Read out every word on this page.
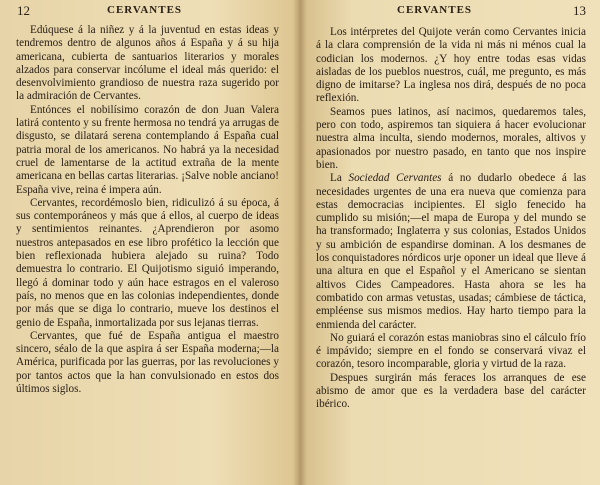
12	CERVANTES

Edúquese á la niñez y á la juventud en estas ideas y tendremos dentro de algunos años á España y á su hija americana, cubierta de santuarios literarios y morales alzados para conservar incólume el ideal más querido: el desenvolvimiento grandioso de nuestra raza sugerido por la admiración de Cervantes.

Entónces el nobilísimo corazón de don Juan Valera latirá contento y su frente hermosa no tendrá ya arrugas de disgusto, se dilatará serena contemplando á España cual patria moral de los americanos. No habrá ya la necesidad cruel de lamentarse de la actitud extraña de la mente americana en bellas cartas literarias. ¡Salve noble anciano! España vive, reina é impera aún.

Cervantes, recordémoslo bien, ridiculizó á su época, á sus contemporáneos y más que á ellos, al cuerpo de ideas y sentimientos reinantes. ¿Aprendieron por asomo nuestros antepasados en ese libro profético la lección que bien reflexionada hubiera alejado su ruina? Todo demuestra lo contrario. El Quijotismo siguió imperando, llegó á dominar todo y aún hace estragos en el valeroso país, no menos que en las colonias independientes, donde por más que se diga lo contrario, mueve los destinos el genio de España, inmortalizada por sus lejanas tierras.

Cervantes, que fué de España antigua el maestro sincero, séalo de la que aspira á ser España moderna;—la América, purificada por las guerras, por las revoluciones y por tantos actos que la han convulsionado en estos dos últimos siglos.

CERVANTES	13

Los intérpretes del Quijote verán como Cervantes inicia á la clara comprensión de la vida ni más ni ménos cual la codician los modernos. ¿Y hoy entre todas esas vidas aisladas de los pueblos nuestros, cuál, me pregunto, es más digno de imitarse? La inglesa nos dirá, después de no poca reflexión.

Seamos pues latinos, así nacimos, quedaremos tales, pero con todo, aspiremos tan siquiera á hacer evolucionar nuestra alma inculta, siendo modernos, morales, altivos y apasionados por nuestro pasado, en tanto que nos inspire bien.

La Sociedad Cervantes á no dudarlo obedece á las necesidades urgentes de una era nueva que comienza para estas democracias incipientes. El siglo fenecido ha cumplido su misión;—el mapa de Europa y del mundo se ha transformado; Inglaterra y sus colonias, Estados Unidos y su ambición de espandirse dominan. A los desmanes de los conquistadores nórdicos urje oponer un ideal que lleve á una altura en que el Español y el Americano se sientan altivos Cides Campeadores. Hasta ahora se les ha combatido con armas vetustas, usadas; cámbiese de táctica, empléense sus mismos medios. Hay harto tiempo para la enmienda del carácter.

No guiará el corazón estas maniobras sino el cálculo frío é impávido; siempre en el fondo se conservará vivaz el corazón, tesoro incomparable, gloria y virtud de la raza.

Despues surgirán más feraces los arranques de ese abismo de amor que es la verdadera base del carácter ibérico.
